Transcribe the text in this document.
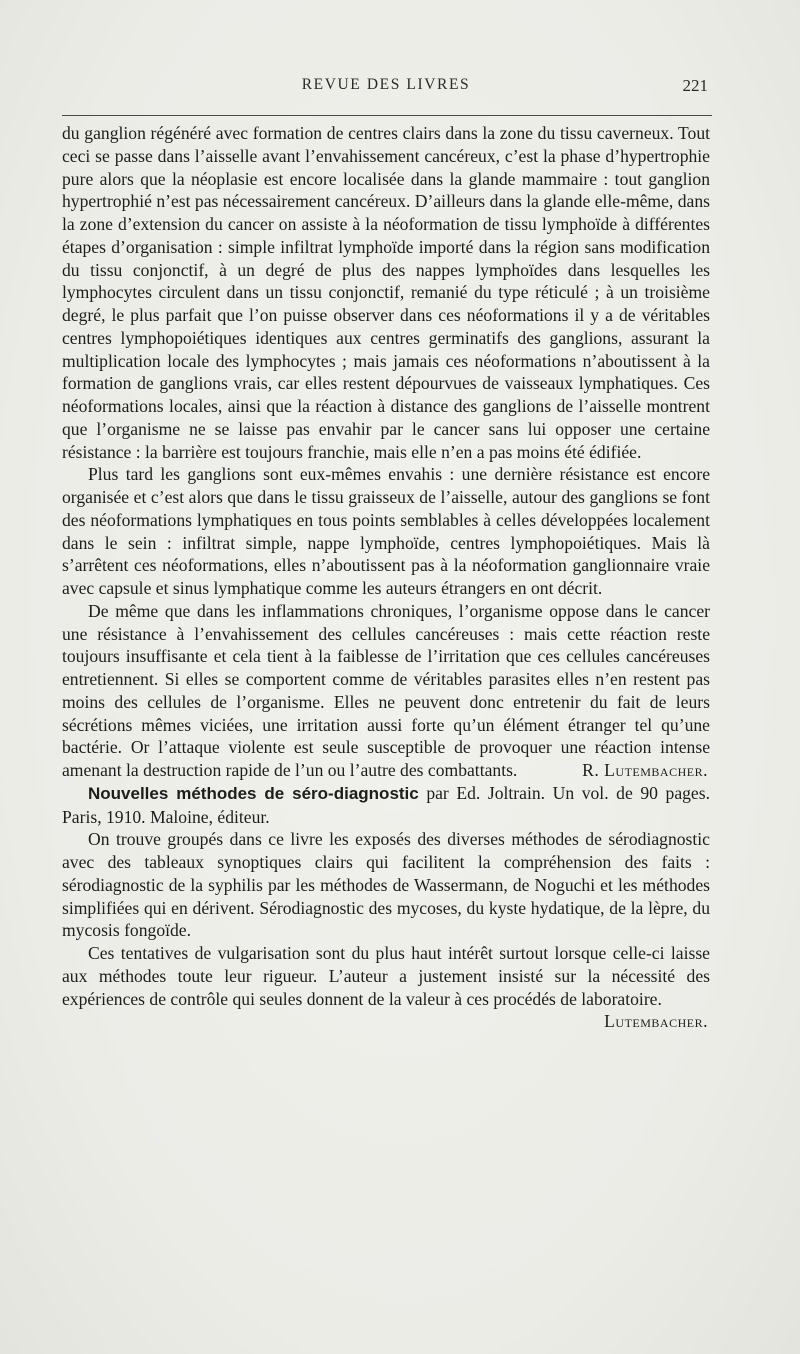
REVUE DES LIVRES	221

du ganglion régénéré avec formation de centres clairs dans la zone du tissu caverneux. Tout ceci se passe dans l’aisselle avant l’envahissement cancéreux, c’est la phase d’hypertrophie pure alors que la néoplasie est encore localisée dans la glande mammaire : tout ganglion hypertrophié n’est pas nécessairement cancéreux. D’ailleurs dans la glande elle-même, dans la zone d’extension du cancer on assiste à la néoformation de tissu lymphoïde à différentes étapes d’organisation : simple infiltrat lymphoïde importé dans la région sans modification du tissu conjonctif, à un degré de plus des nappes lymphoïdes dans lesquelles les lymphocytes circulent dans un tissu conjonctif, remanié du type réticulé ; à un troisième degré, le plus parfait que l’on puisse observer dans ces néoformations il y a de véritables centres lymphopoiétiques identiques aux centres germinatifs des ganglions, assurant la multiplication locale des lymphocytes ; mais jamais ces néoformations n’aboutissent à la formation de ganglions vrais, car elles restent dépourvues de vaisseaux lymphatiques. Ces néoformations locales, ainsi que la réaction à distance des ganglions de l’aisselle montrent que l’organisme ne se laisse pas envahir par le cancer sans lui opposer une certaine résistance : la barrière est toujours franchie, mais elle n’en a pas moins été édifiée.

Plus tard les ganglions sont eux-mêmes envahis : une dernière résistance est encore organisée et c’est alors que dans le tissu graisseux de l’aisselle, autour des ganglions se font des néoformations lymphatiques en tous points semblables à celles développées localement dans le sein : infiltrat simple, nappe lymphoïde, centres lymphopoiétiques. Mais là s’arrêtent ces néoformations, elles n’aboutissent pas à la néoformation ganglionnaire vraie avec capsule et sinus lymphatique comme les auteurs étrangers en ont décrit.

De même que dans les inflammations chroniques, l’organisme oppose dans le cancer une résistance à l’envahissement des cellules cancéreuses : mais cette réaction reste toujours insuffisante et cela tient à la faiblesse de l’irritation que ces cellules cancéreuses entretiennent. Si elles se comportent comme de véritables parasites elles n’en restent pas moins des cellules de l’organisme. Elles ne peuvent donc entretenir du fait de leurs sécrétions mêmes viciées, une irritation aussi forte qu’un élément étranger tel qu’une bactérie. Or l’attaque violente est seule susceptible de provoquer une réaction intense amenant la destruction rapide de l’un ou l’autre des combattants.	R. Lutembacher.

Nouvelles méthodes de séro-diagnostic par Ed. Joltrain. Un vol. de 90 pages. Paris, 1910. Maloine, éditeur.

On trouve groupés dans ce livre les exposés des diverses méthodes de sérodiagnostic avec des tableaux synoptiques clairs qui facilitent la compréhension des faits : sérodiagnostic de la syphilis par les méthodes de Wassermann, de Noguchi et les méthodes simplifiées qui en dérivent. Sérodiagnostic des mycoses, du kyste hydatique, de la lèpre, du mycosis fongoïde.

Ces tentatives de vulgarisation sont du plus haut intérêt surtout lorsque celle-ci laisse aux méthodes toute leur rigueur. L’auteur a justement insisté sur la nécessité des expériences de contrôle qui seules donnent de la valeur à ces procédés de laboratoire.
Lutembacher.
